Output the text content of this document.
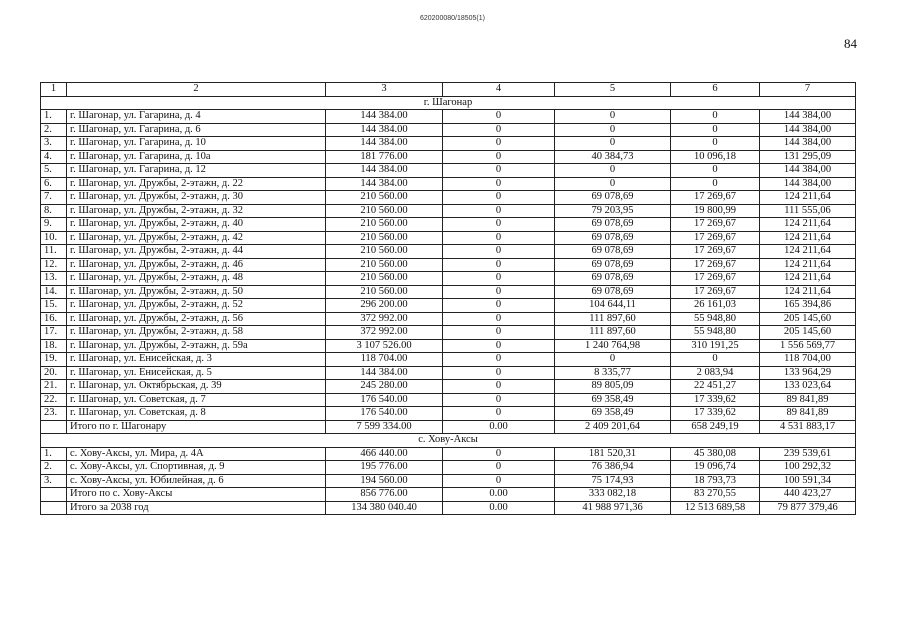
620200080/18505(1)
84
1	2	3	4	5	6	7
г. Шагонар						
1.	г. Шагонар, ул. Гагарина, д. 4	144 384.00	0	0	0	144 384,00
2.	г. Шагонар, ул. Гагарина, д. 6	144 384.00	0	0	0	144 384,00
3.	г. Шагонар, ул. Гагарина, д. 10	144 384.00	0	0	0	144 384,00
4.	г. Шагонар, ул. Гагарина, д. 10а	181 776.00	0	40 384,73	10 096,18	131 295,09
5.	г. Шагонар, ул. Гагарина, д. 12	144 384.00	0	0	0	144 384,00
6.	г. Шагонар, ул. Дружбы, 2-этажн, д. 22	144 384.00	0	0	0	144 384,00
7.	г. Шагонар, ул. Дружбы, 2-этажн, д. 30	210 560.00	0	69 078,69	17 269,67	124 211,64
8.	г. Шагонар, ул. Дружбы, 2-этажн, д. 32	210 560.00	0	79 203,95	19 800,99	111 555,06
9.	г. Шагонар, ул. Дружбы, 2-этажн, д. 40	210 560.00	0	69 078,69	17 269,67	124 211,64
10.	г. Шагонар, ул. Дружбы, 2-этажн, д. 42	210 560.00	0	69 078,69	17 269,67	124 211,64
11.	г. Шагонар, ул. Дружбы, 2-этажн, д. 44	210 560.00	0	69 078,69	17 269,67	124 211,64
12.	г. Шагонар, ул. Дружбы, 2-этажн, д. 46	210 560.00	0	69 078,69	17 269,67	124 211,64
13.	г. Шагонар, ул. Дружбы, 2-этажн, д. 48	210 560.00	0	69 078,69	17 269,67	124 211,64
14.	г. Шагонар, ул. Дружбы, 2-этажн, д. 50	210 560.00	0	69 078,69	17 269,67	124 211,64
15.	г. Шагонар, ул. Дружбы, 2-этажн, д. 52	296 200.00	0	104 644,11	26 161,03	165 394,86
16.	г. Шагонар, ул. Дружбы, 2-этажн, д. 56	372 992.00	0	111 897,60	55 948,80	205 145,60
17.	г. Шагонар, ул. Дружбы, 2-этажн, д. 58	372 992.00	0	111 897,60	55 948,80	205 145,60
18.	г. Шагонар, ул. Дружбы, 2-этажн, д. 59а	3 107 526.00	0	1 240 764,98	310 191,25	1 556 569,77
19.	г. Шагонар, ул. Енисейская, д. 3	118 704.00	0	0	0	118 704,00
20.	г. Шагонар, ул. Енисейская, д. 5	144 384.00	0	8 335,77	2 083,94	133 964,29
21.	г. Шагонар, ул. Октябрьская, д. 39	245 280.00	0	89 805,09	22 451,27	133 023,64
22.	г. Шагонар, ул. Советская, д. 7	176 540.00	0	69 358,49	17 339,62	89 841,89
23.	г. Шагонар, ул. Советская, д. 8	176 540.00	0	69 358,49	17 339,62	89 841,89
	Итого по г. Шагонару	7 599 334.00	0.00	2 409 201,64	658 249,19	4 531 883,17
с. Хову-Аксы						
1.	с. Хову-Аксы, ул. Мира, д. 4А	466 440.00	0	181 520,31	45 380,08	239 539,61
2.	с. Хову-Аксы, ул. Спортивная, д. 9	195 776.00	0	76 386,94	19 096,74	100 292,32
3.	с. Хову-Аксы, ул. Юбилейная, д. 6	194 560.00	0	75 174,93	18 793,73	100 591,34
	Итого по с. Хову-Аксы	856 776.00	0.00	333 082,18	83 270,55	440 423,27
	Итого за 2038 год	134 380 040.40	0.00	41 988 971,36	12 513 689,58	79 877 379,46
